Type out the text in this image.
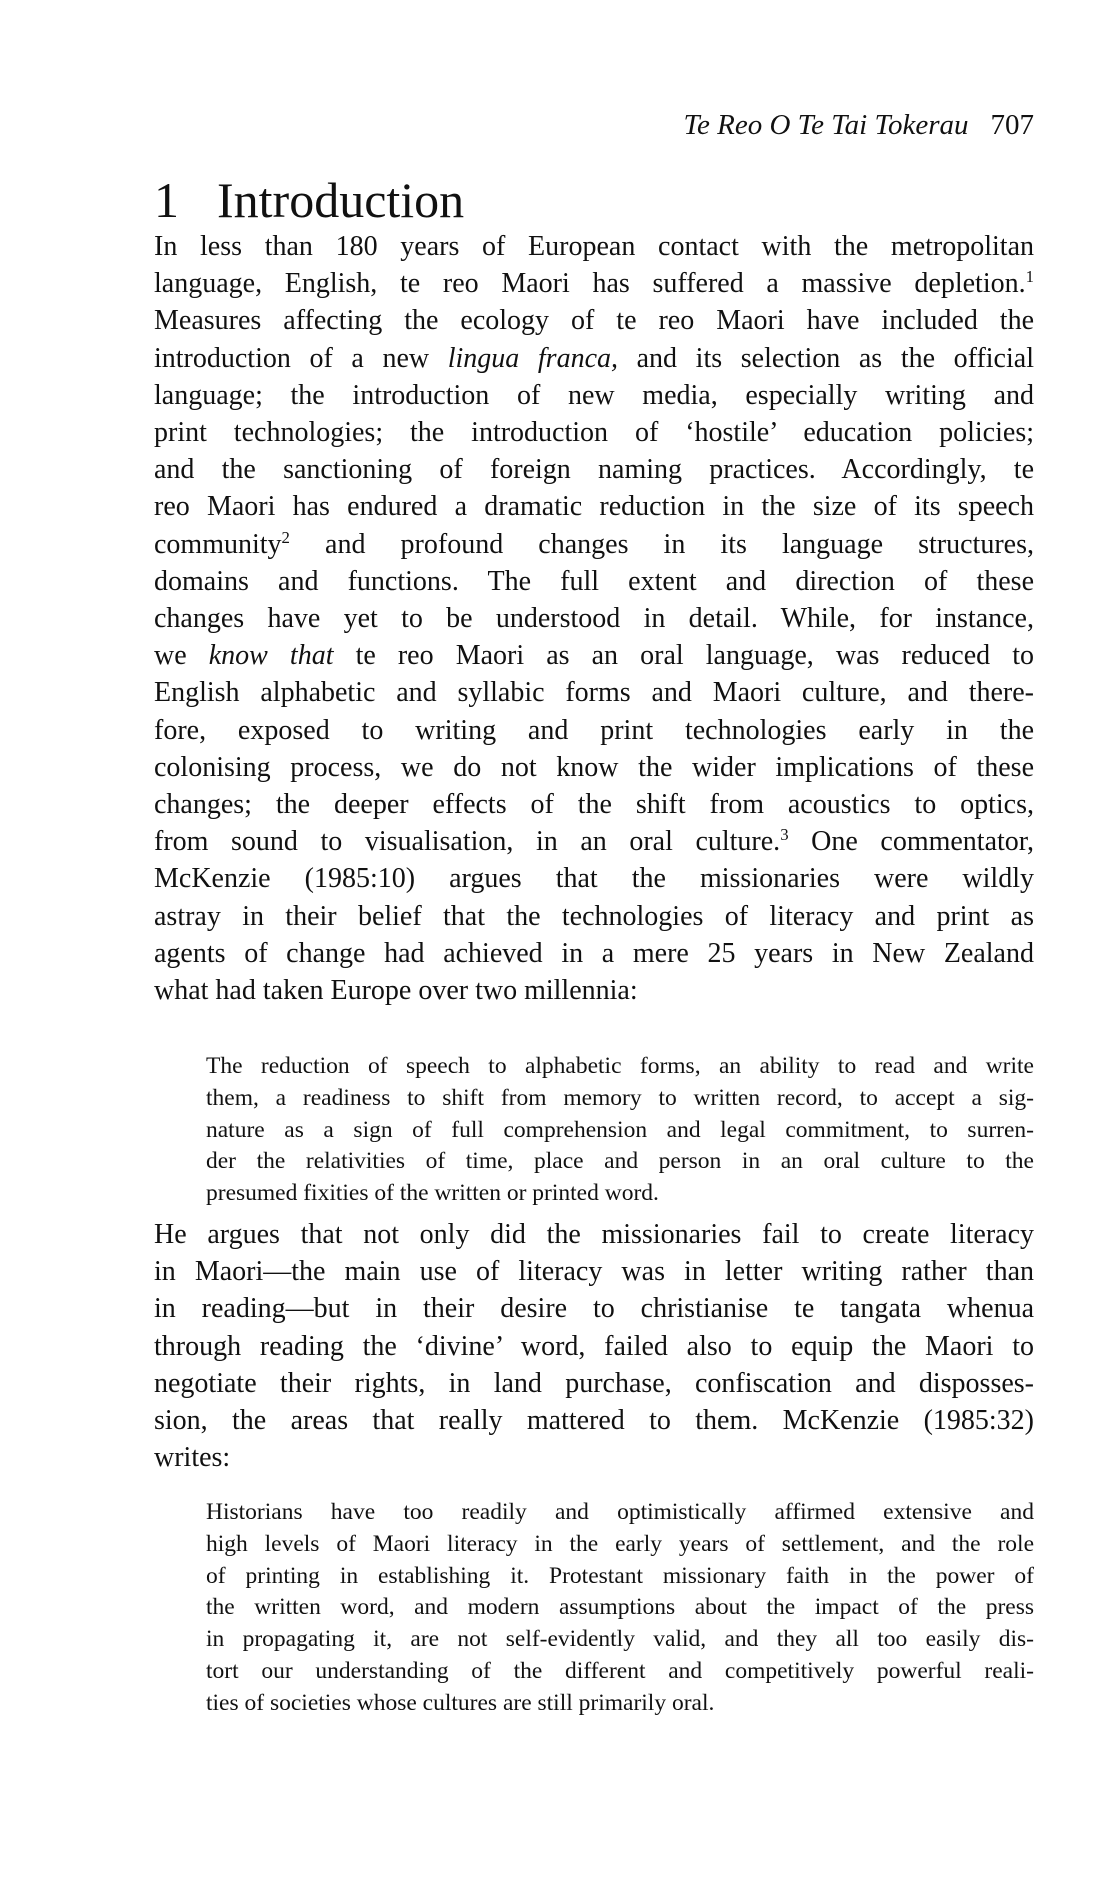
Te Reo O Te Tai Tokerau 707
1 Introduction
In less than 180 years of European contact with the metropolitan
language, English, te reo Maori has suffered a massive depletion.$^1$
Measures affecting the ecology of te reo Maori have included the
introduction of a new lingua franca, and its selection as the official
language; the introduction of new media, especially writing and
print technologies; the introduction of ‘hostile’ education policies;
and the sanctioning of foreign naming practices. Accordingly, te
reo Maori has endured a dramatic reduction in the size of its speech
community$^2$ and profound changes in its language structures,
domains and functions. The full extent and direction of these
changes have yet to be understood in detail. While, for instance,
we know that te reo Maori as an oral language, was reduced to
English alphabetic and syllabic forms and Maori culture, and there-
fore, exposed to writing and print technologies early in the
colonising process, we do not know the wider implications of these
changes; the deeper effects of the shift from acoustics to optics,
from sound to visualisation, in an oral culture.$^3$ One commentator,
McKenzie (1985:10) argues that the missionaries were wildly
astray in their belief that the technologies of literacy and print as
agents of change had achieved in a mere 25 years in New Zealand
what had taken Europe over two millennia:
The reduction of speech to alphabetic forms, an ability to read and write
them, a readiness to shift from memory to written record, to accept a sig-
nature as a sign of full comprehension and legal commitment, to surren-
der the relativities of time, place and person in an oral culture to the
presumed fixities of the written or printed word.
He argues that not only did the missionaries fail to create literacy
in Maori—the main use of literacy was in letter writing rather than
in reading—but in their desire to christianise te tangata whenua
through reading the ‘divine’ word, failed also to equip the Maori to
negotiate their rights, in land purchase, confiscation and disposses-
sion, the areas that really mattered to them. McKenzie (1985:32)
writes:
Historians have too readily and optimistically affirmed extensive and
high levels of Maori literacy in the early years of settlement, and the role
of printing in establishing it. Protestant missionary faith in the power of
the written word, and modern assumptions about the impact of the press
in propagating it, are not self-evidently valid, and they all too easily dis-
tort our understanding of the different and competitively powerful reali-
ties of societies whose cultures are still primarily oral.
